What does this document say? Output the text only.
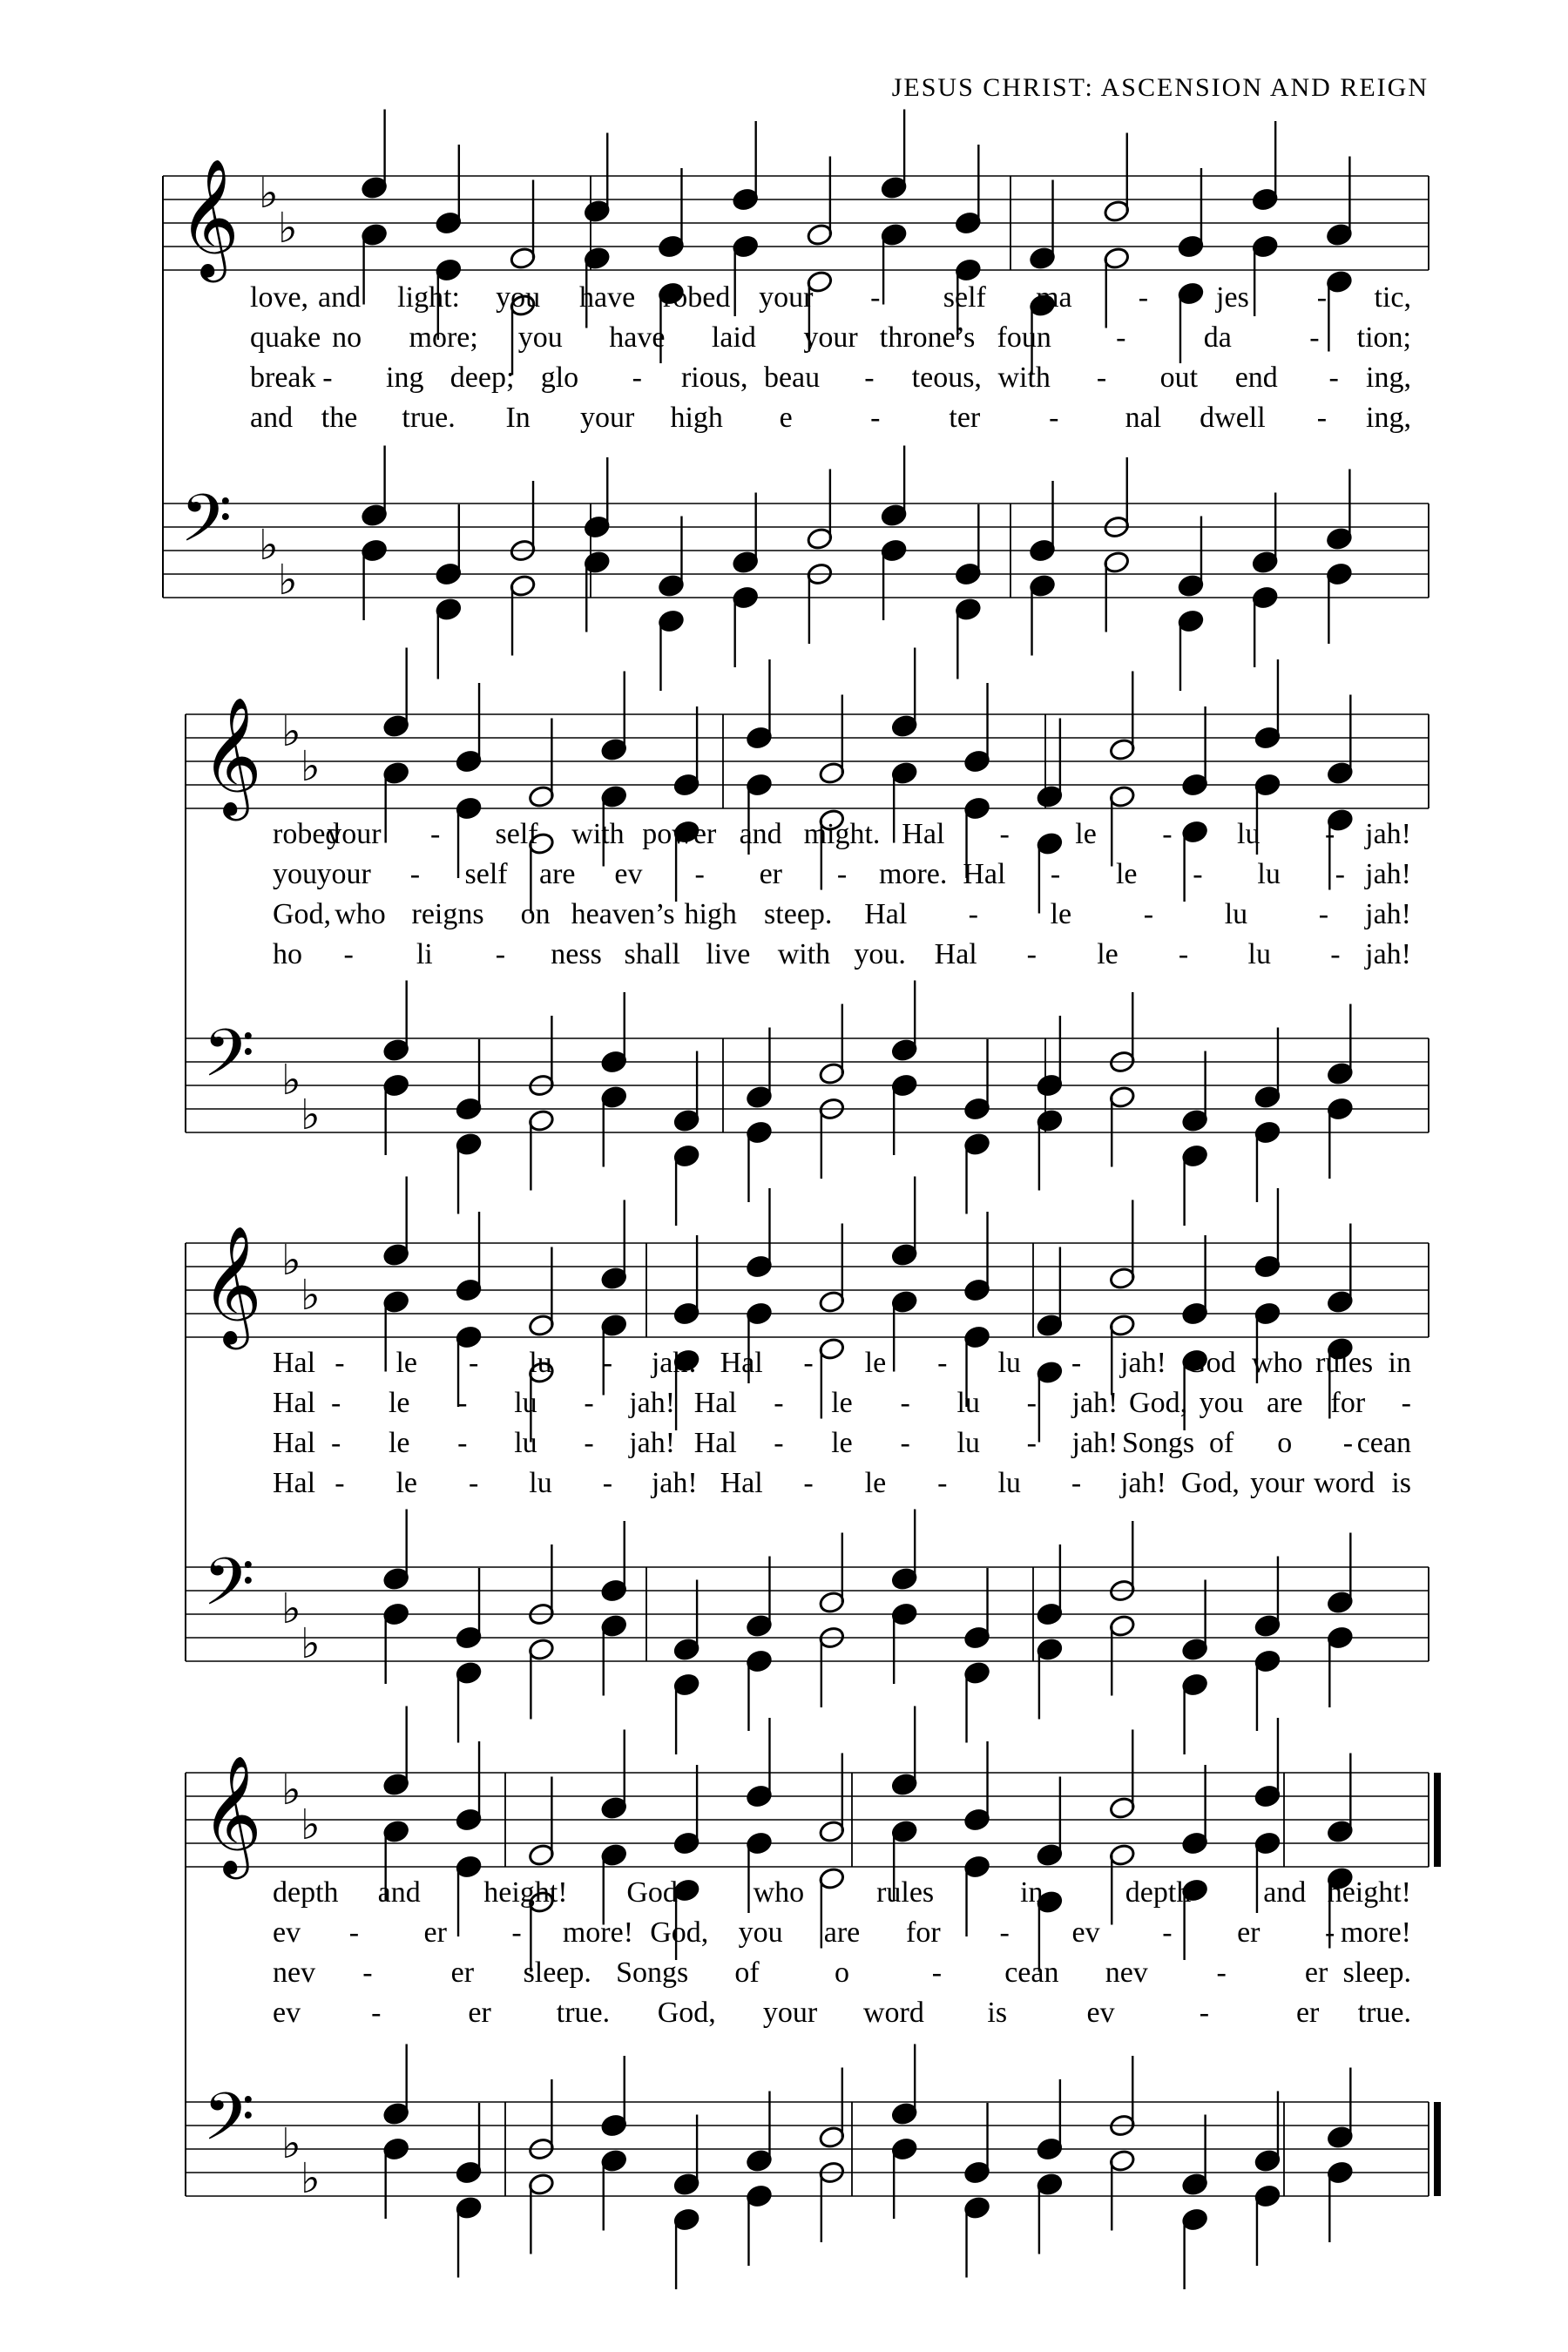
JESUS CHRIST: ASCENSION AND REIGN
𝄞
𝄢
♭
♭
♭
♭
love, and light: you have robed your - self ma - jes - tic,
quake no more; you have laid your throne’s foun -	da	- tion;
break - ing deep; glo - rious, beau - teous, with - out end - ing,
and the true. In your high e	- ter - nal dwell - ing,
𝄞
𝄢
♭
♭
♭
♭
robed
your - self with power and might. Hal - le - lu - jah!
you your - self are ev - er - more. Hal - le - lu - jah!
God, who reigns on heaven’s high steep. Hal - le - lu - jah!
ho - li - ness shall live with you. Hal - le - lu - jah!
𝄞
𝄢
♭
♭
♭
♭
Hal - le - lu - jah! Hal - le - lu - jah! God who rules in
Hal - le - lu - jah! Hal - le - lu - jah! God, you are for -
Hal - le - lu - jah! Hal - le - lu - jah! Songs of o - cean
Hal - le - lu - jah! Hal - le - lu - jah! God, your word is
𝄞
𝄢
♭
♭
♭
♭
depth and height! God	who rules	in	depth and height!
ev - er - more! God, you are for - ev - er - more!
nev -	er sleep. Songs of	o	- cean nev -	er sleep.
ev -	er true. God, your word is	ev	-	er true.
